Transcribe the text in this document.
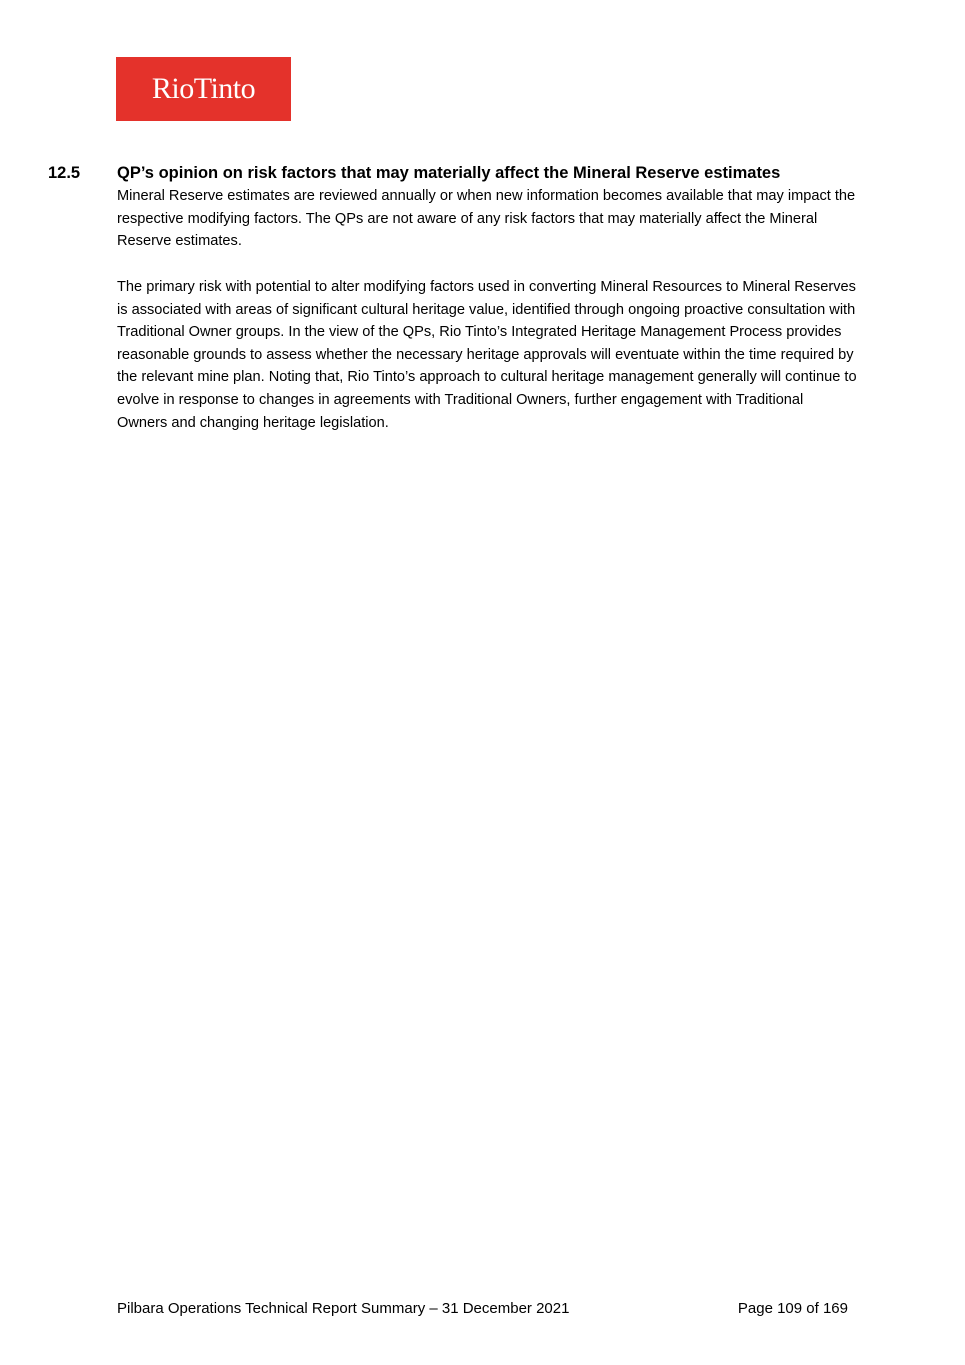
RioTinto
12.5 QP’s opinion on risk factors that may materially affect the Mineral Reserve estimates

Mineral Reserve estimates are reviewed annually or when new information becomes available that may impact the respective modifying factors. The QPs are not aware of any risk factors that may materially affect the Mineral Reserve estimates.

The primary risk with potential to alter modifying factors used in converting Mineral Resources to Mineral Reserves is associated with areas of significant cultural heritage value, identified through ongoing proactive consultation with Traditional Owner groups. In the view of the QPs, Rio Tinto’s Integrated Heritage Management Process provides reasonable grounds to assess whether the necessary heritage approvals will eventuate within the time required by the relevant mine plan. Noting that, Rio Tinto’s approach to cultural heritage management generally will continue to evolve in response to changes in agreements with Traditional Owners, further engagement with Traditional Owners and changing heritage legislation.

Pilbara Operations Technical Report Summary – 31 December 2021	Page 109 of 169
